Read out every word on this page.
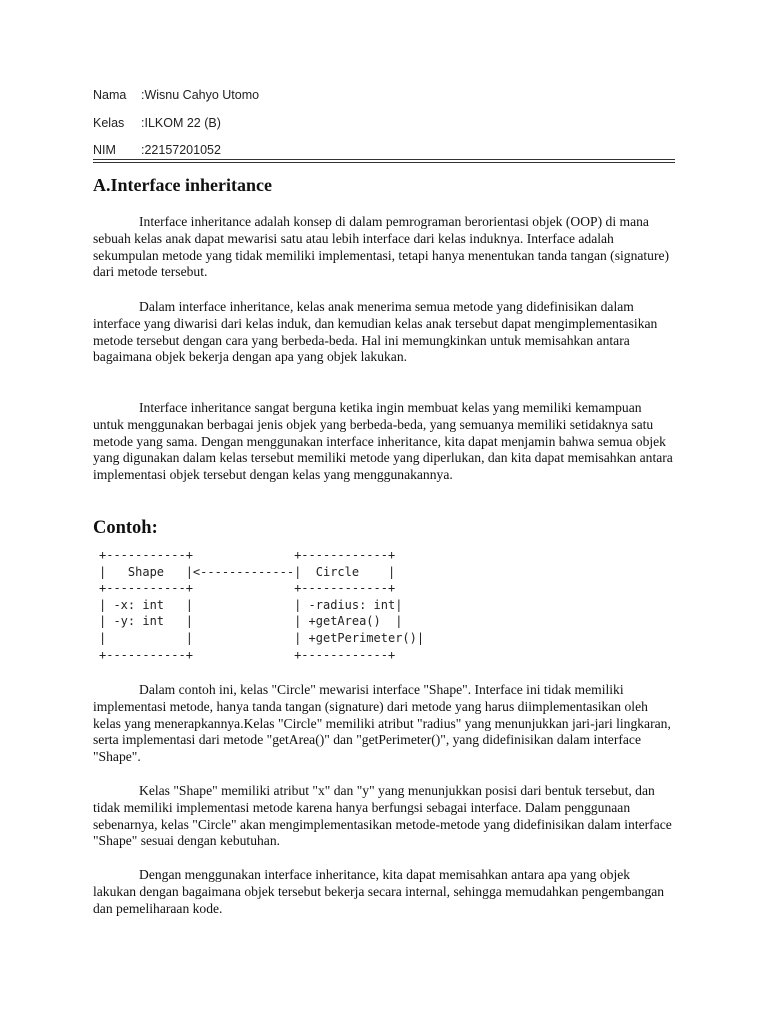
Nama :Wisnu Cahyo Utomo
Kelas :ILKOM 22 (B)
NIM :22157201052
A.Interface inheritance

Interface inheritance adalah konsep di dalam pemrograman berorientasi objek (OOP) di mana sebuah kelas anak dapat mewarisi satu atau lebih interface dari kelas induknya. Interface adalah sekumpulan metode yang tidak memiliki implementasi, tetapi hanya menentukan tanda tangan (signature) dari metode tersebut.

Dalam interface inheritance, kelas anak menerima semua metode yang didefinisikan dalam interface yang diwarisi dari kelas induk, dan kemudian kelas anak tersebut dapat mengimplementasikan metode tersebut dengan cara yang berbeda-beda. Hal ini memungkinkan untuk memisahkan antara bagaimana objek bekerja dengan apa yang objek lakukan.

Interface inheritance sangat berguna ketika ingin membuat kelas yang memiliki kemampuan untuk menggunakan berbagai jenis objek yang berbeda-beda, yang semuanya memiliki setidaknya satu metode yang sama. Dengan menggunakan interface inheritance, kita dapat menjamin bahwa semua objek yang digunakan dalam kelas tersebut memiliki metode yang diperlukan, dan kita dapat memisahkan antara implementasi objek tersebut dengan kelas yang menggunakannya.

Contoh:
+-----------+              +------------+
|   Shape   |<-------------|  Circle    |
+-----------+              +------------+
| -x: int   |              | -radius: int|
| -y: int   |              | +getArea()  |
|           |              | +getPerimeter()|
+-----------+              +------------+

Dalam contoh ini, kelas "Circle" mewarisi interface "Shape". Interface ini tidak memiliki implementasi metode, hanya tanda tangan (signature) dari metode yang harus diimplementasikan oleh kelas yang menerapkannya.Kelas "Circle" memiliki atribut "radius" yang menunjukkan jari-jari lingkaran, serta implementasi dari metode "getArea()" dan "getPerimeter()", yang didefinisikan dalam interface "Shape".

Kelas "Shape" memiliki atribut "x" dan "y" yang menunjukkan posisi dari bentuk tersebut, dan tidak memiliki implementasi metode karena hanya berfungsi sebagai interface. Dalam penggunaan sebenarnya, kelas "Circle" akan mengimplementasikan metode-metode yang didefinisikan dalam interface "Shape" sesuai dengan kebutuhan.

Dengan menggunakan interface inheritance, kita dapat memisahkan antara apa yang objek lakukan dengan bagaimana objek tersebut bekerja secara internal, sehingga memudahkan pengembangan dan pemeliharaan kode.
